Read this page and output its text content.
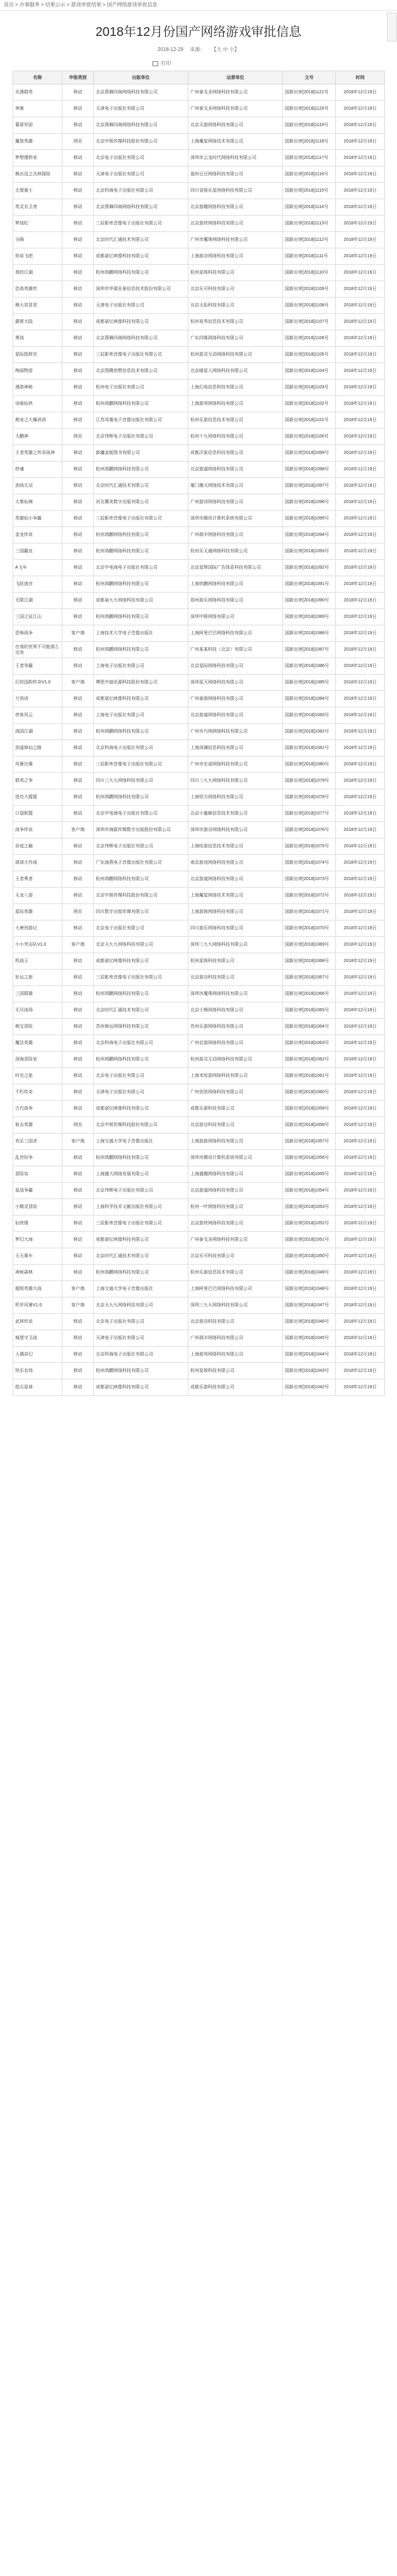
首页 > 办事服务 > 结果公示 > 游戏审批结果 > 国产网络游戏审批信息
2018年12月份国产网络游戏审批信息
2018-12-29 来源： 【大 中 小】
打印
名称	申报类别	出版单位	运营单位	文号	时间
光遇群英	移动	北京燕舞四海网络科技有限公司	广州泰戈多网络科技有限公司	国新出审[2018]1121号	2018年12月19日
奔驰	移动	天津电子出版社有限公司	广州泰戈多网络科技有限公司	国新出审[2018]1120号	2018年12月19日
暮夏军团	移动	北京燕舞四海网络科技有限公司	北京天游网络科技有限公司	国新出审[2018]1119号	2018年12月19日
魔兽英雄	网页	北京中娱传媒科技股份有限公司	上海魔星网络技术有限公司	国新出审[2018]1118号	2018年12月19日
梦想建桥家	移动	北京电子出版社有限公司	深圳市云龙时代网络科技有限公司	国新出审[2018]1117号	2018年12月19日
熊出没之丛林探险	移动	天津电子出版社有限公司	福州豆豆网络科技有限公司	国新出审[2018]1116号	2018年12月19日
无厘骑士	移动	北京科海电子出版社有限公司	四川省娱乐星网络科技有限公司	国新出审[2018]1115号	2018年12月19日
英灵名卫者	移动	北京燕舞四海网络科技有限公司	北京游趣网络科技有限公司	国新出审[2018]1114号	2018年12月19日
梦战纪	移动	三辰影库音像电子出版社有限公司	北京游侠网络科技有限公司	国新出审[2018]1113号	2018年12月19日
分隔	移动	北京时代汇通技术有限公司	广州市魔珠网络科技有限公司	国新出审[2018]1112号	2018年12月19日
你说飞吧	移动	成都诺亿映像科技有限公司	上海游谷网络科技有限公司	国新出审[2018]1111号	2018年12月19日
我的江湖	移动	杭州鸿鹏网络科技有限公司	杭州星娱科技有限公司	国新出审[2018]1110号	2018年12月19日
恐高英雄传	移动	深圳市华源亚泰信息技术股份有限公司	北京乐可科技有限公司	国新出审[2018]1109号	2018年12月19日
熊大冒冒冒	移动	天津电子出版社有限公司	北京天拓科技有限公司	国新出审[2018]1108号	2018年12月19日
霹雳大陆	移动	成都诺亿映像科技有限公司	杭州易秀信息技术有限公司	国新出审[2018]1107号	2018年12月19日
勇战	移动	北京燕舞四海网络科技有限公司	广东四维网络科技有限公司	国新出审[2018]1106号	2018年12月19日
星际指挥官	移动	三辰影库音像电子出版社有限公司	杭州游灵互动网络科技有限公司	国新出审[2018]1105号	2018年12月19日
绚丽物语	移动	北京图腾创想信息技术有限公司	北京喵星人网络科技有限公司	国新出审[2018]1104号	2018年12月19日
漫游神秘	移动	杭州电子出版社有限公司	上海幻电信息科技有限公司	国新出审[2018]1103号	2018年12月19日
诗画仙侠	移动	杭州鸿鹏网络科技有限公司	上海游邦网络科技有限公司	国新出审[2018]1102号	2018年12月19日
萌宠之大爆消消	移动	江苏凤凰电子音像出版社有限公司	杭州乐游信息技术有限公司	国新出审[2018]1101号	2018年12月19日
大鹏神	网页	北京伟辉电子出版社有限公司	杭州十九网络科技有限公司	国新出审[2018]1100号	2018年12月19日
王者英雄之传奇战神	移动	新疆金版图书有限公司	成都沃象信息科技有限公司	国新出审[2018]1099号	2018年12月19日
拼魂	移动	杭州鸿鹏网络科技有限公司	北京游道网络科技有限公司	国新出审[2018]1098号	2018年12月19日
剑战无双	移动	北京时代汇通技术有限公司	厦门趣天网络技术有限公司	国新出审[2018]1097号	2018年12月19日
大秦仙境	移动	河北冀美数字出版有限公司	广州游诗网络科技有限公司	国新出审[2018]1096号	2018年12月19日
英雄仙小争霸	移动	三辰影库音像电子出版社有限公司	深圳市腾讯计算机系统有限公司	国新出审[2018]1095号	2018年12月19日
金龙传说	移动	杭州鸿鹏网络科技有限公司	广州瑞丰网络科技有限公司	国新出审[2018]1094号	2018年12月19日
三国霸业	移动	杭州鸿鹏网络科技有限公司	杭州乐天通网络科技有限公司	国新出审[2018]1093号	2018年12月19日
A飞车	移动	北京中电海电子出版社有限公司	北京星辉国际广告体系科技有限公司	国新出审[2018]1092号	2018年12月19日
飞跃迷宫	移动	杭州鸿鹏网络科技有限公司	上海热鹏网络科技有限公司	国新出审[2018]1091号	2018年12月19日
无限江湖	移动	成都泉九九网络科技有限公司	郑州游乐网络科技有限公司	国新出审[2018]1090号	2018年12月19日
三国之征江山	移动	杭州鸿鹏网络科技有限公司	深圳中联网络有限公司	国新出审[2018]1089号	2018年12月19日
恐怖战争	客户端	上海技术大学电子音像出版社	上海阿里巴巴网络科技有限公司	国新出审[2018]1088号	2018年12月19日
在我的世界不可能那么完美	移动	杭州鸿鹏网络科技有限公司	广州某某科技（北京）有限公司	国新出审[2018]1087号	2018年12月19日
王者争霸	移动	上海电子出版社有限公司	北京星际网络科技有限公司	国新出审[2018]1086号	2018年12月19日
幻世国韵传奇V1.0	客户端	博思中迪讯源科技股份有限公司	深圳星天网络科技有限公司	国新出审[2018]1085号	2018年12月19日
万剑诀	移动	成都诺亿映像科技有限公司	广州泰游网络科技有限公司	国新出审[2018]1084号	2018年12月19日
侠客风云	移动	上海电子出版社有限公司	北京游道网络科技有限公司	国新出审[2018]1083号	2018年12月19日
战国江湖	移动	杭州鸿鹏网络科技有限公司	广州市巧纳网络科技有限公司	国新出审[2018]1082号	2018年12月19日
剑道修仙之路	移动	北京科海电子出版社有限公司	上海深渊信息科技有限公司	国新出审[2018]1081号	2018年12月19日
风暴比赛	移动	三辰影库音像电子出版社有限公司	广州市宏诺网络科技有限公司	国新出审[2018]1080号	2018年12月19日
群英之争	移动	四川三九九网络科技有限公司	四川三九九网络科技有限公司	国新出审[2018]1079号	2018年12月19日
进攻大猩猩	移动	杭州鸿鹏网络科技有限公司	上海恒方网络科技有限公司	国新出审[2018]1078号	2018年12月19日
口袋联盟	移动	北京中电海电子出版社有限公司	北京小蜜蜂信息技术有限公司	国新出审[2018]1077号	2018年12月19日
战争传说	客户端	深圳市海豚传媒数字出版股份有限公司	深圳市游谷网络科技有限公司	国新出审[2018]1076号	2018年12月19日
奇迹之巅	移动	北京伟辉电子出版社有限公司	上海哈游信息技术有限公司	国新出审[2018]1075号	2018年12月19日
球球大作战	移动	广东海燕电子音像出版社有限公司	南京游戏网络科技有限公司	国新出审[2018]1074号	2018年12月19日
王者勇者	移动	杭州鸿鹏网络科技有限公司	北京游道网络科技有限公司	国新出审[2018]1073号	2018年12月19日
天龙八部	移动	北京中娱传媒科技股份有限公司	上海魔星网络技术有限公司	国新出审[2018]1072号	2018年12月19日
星际英雄	网页	四川数字出版传媒有限公司	上海游娱网络科技有限公司	国新出审[2018]1071号	2018年12月19日
大唐西游记	移动	北京电子出版社有限公司	四川游乐网络科技有限公司	国新出审[2018]1070号	2018年12月19日
小小突击队V1.0	客户端	北京天九九网络科技有限公司	深圳三九九网络科技有限公司	国新出审[2018]1069号	2018年12月19日
机战王	移动	成都诺亿映像科技有限公司	杭州星娱科技有限公司	国新出审[2018]1068号	2018年12月19日
好运之旅	移动	三辰影库音像电子出版社有限公司	北京游谷科技有限公司	国新出审[2018]1067号	2018年12月19日
三国群雄	移动	杭州鸿鹏网络科技有限公司	深圳市魔珠网络科技有限公司	国新出审[2018]1066号	2018年12月19日
无尽战场	移动	北京时代汇通技术有限公司	北京小熊网络科技有限公司	国新出审[2018]1065号	2018年12月19日
萌宝冒险	移动	苏州修远网络科技有限公司	苏州乐游网络科技有限公司	国新出审[2018]1064号	2018年12月19日
魔法英雄	移动	北京科海电子出版社有限公司	广州启游网络科技有限公司	国新出审[2018]1063号	2018年12月19日
深海冒险家	移动	杭州鸿鹏网络科技有限公司	杭州游灵互动网络科技有限公司	国新出审[2018]1062号	2018年12月19日
时光之旅	移动	北京电子出版社有限公司	上海米哈游网络科技有限公司	国新出审[2018]1061号	2018年12月19日
不朽传奇	移动	天津电子出版社有限公司	广州创思网络科技有限公司	国新出审[2018]1060号	2018年12月19日
古代战争	移动	成都诺亿映像科技有限公司	成都乐游科技有限公司	国新出审[2018]1059号	2018年12月19日
射击英雄	网页	北京中娱传媒科技股份有限公司	北京游谷科技有限公司	国新出审[2018]1058号	2018年12月19日
欢乐三国杀	客户端	上海交通大学电子音像出版社	上海游族网络科技有限公司	国新出审[2018]1057号	2018年12月19日
乱世纷争	移动	杭州鸿鹏网络科技有限公司	深圳市腾讯计算机系统有限公司	国新出审[2018]1056号	2018年12月19日
冒险岛	移动	上海盛大网络发展有限公司	上海盛趣网络科技有限公司	国新出审[2018]1055号	2018年12月19日
星战争霸	移动	北京伟辉电子出版社有限公司	北京游道网络科技有限公司	国新出审[2018]1054号	2018年12月19日
小精灵冒险	移动	上海科学技术文献出版社有限公司	杭州一叶网络科技有限公司	国新出审[2018]1053号	2018年12月19日
仙侠缘	移动	三辰影库音像电子出版社有限公司	北京游侠网络科技有限公司	国新出审[2018]1052号	2018年12月19日
梦幻大海	移动	成都诺亿映像科技有限公司	广州泰戈多网络科技有限公司	国新出审[2018]1051号	2018年12月19日
天天赛车	移动	北京时代汇通技术有限公司	北京乐可科技有限公司	国新出审[2018]1050号	2018年12月19日
神秘森林	移动	杭州鸿鹏网络科技有限公司	杭州乐游信息技术有限公司	国新出审[2018]1049号	2018年12月19日
超级英雄大战	客户端	上海交通大学电子音像出版社	上海阿里巴巴网络科技有限公司	国新出审[2018]1048号	2018年12月19日
机甲风暴V1.0	客户端	北京天九九网络科技有限公司	深圳三九九网络科技有限公司	国新出审[2018]1047号	2018年12月19日
武林传说	移动	北京电子出版社有限公司	北京游谷科技有限公司	国新出审[2018]1046号	2018年12月19日
城堡守卫战	移动	天津电子出版社有限公司	广州瑞丰网络科技有限公司	国新出审[2018]1045号	2018年12月19日
人偶奇幻	移动	北京科海电子出版社有限公司	上海游邦网络科技有限公司	国新出审[2018]1044号	2018年12月19日
快乐农场	移动	杭州鸿鹏网络科技有限公司	杭州星娱科技有限公司	国新出审[2018]1043号	2018年12月19日
指尖星球	移动	成都诺亿映像科技有限公司	成都乐游科技有限公司	国新出审[2018]1042号	2018年12月19日
